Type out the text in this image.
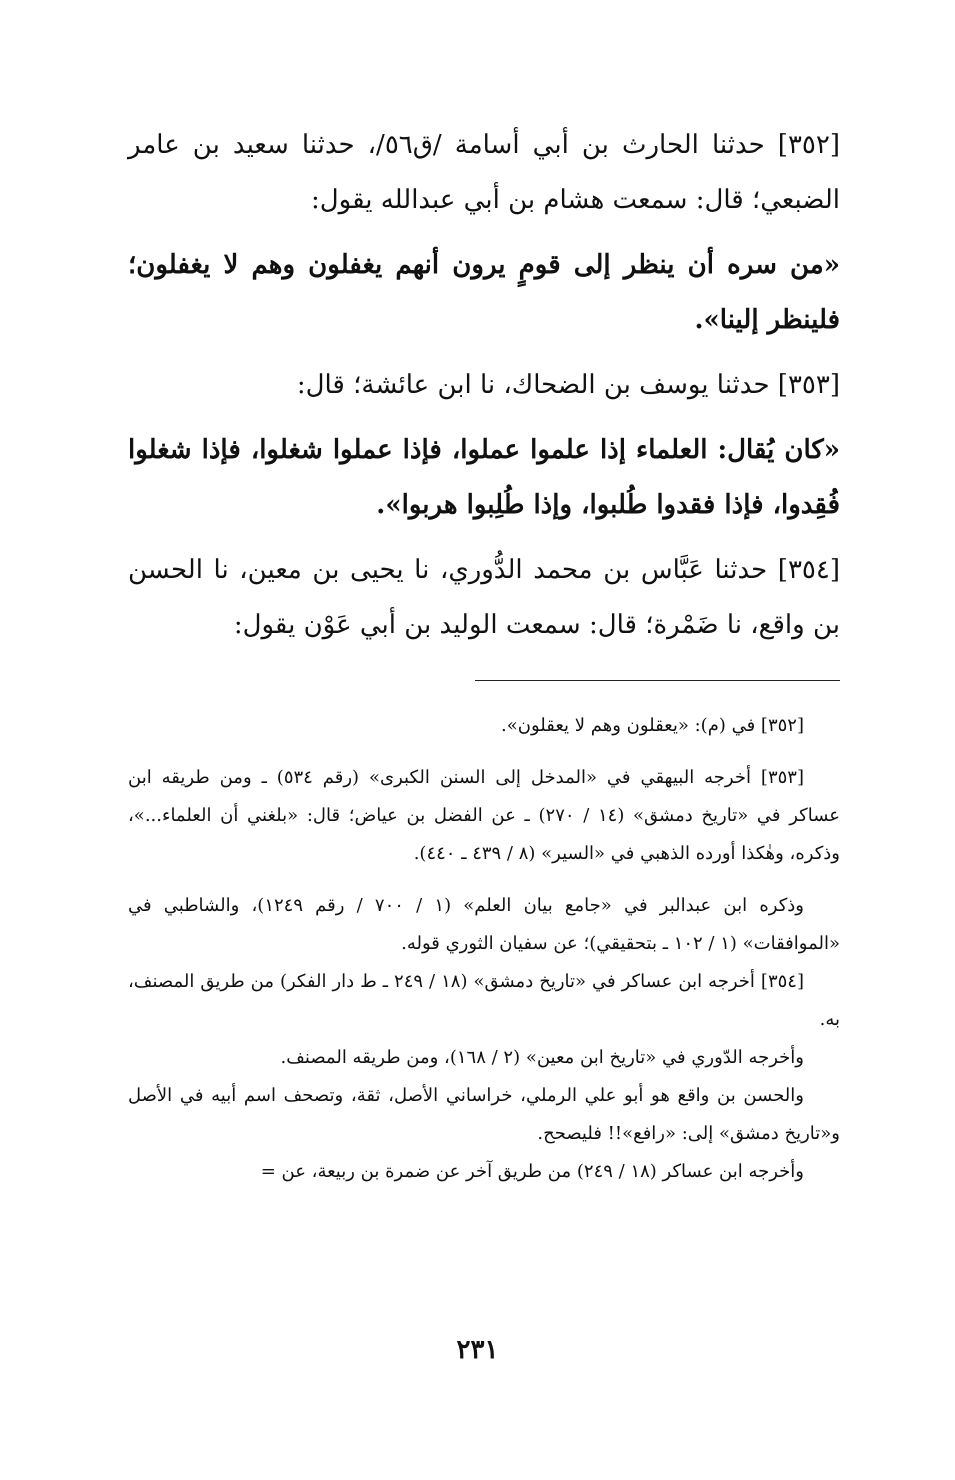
[٣٥٢] حدثنا الحارث بن أبي أسامة /ق٥٦/، حدثنا سعيد بن عامر الضبعي؛ قال: سمعت هشام بن أبي عبدالله يقول:

«من سره أن ينظر إلى قومٍ يرون أنهم يغفلون وهم لا يغفلون؛ فلينظر إلينا».

[٣٥٣] حدثنا يوسف بن الضحاك، نا ابن عائشة؛ قال:

«كان يُقال: العلماء إذا علموا عملوا، فإذا عملوا شغلوا، فإذا شغلوا فُقِدوا، فإذا فقدوا طُلبوا، وإذا طُلِبوا هربوا».

[٣٥٤] حدثنا عَبَّاس بن محمد الدُّوري، نا يحيى بن معين، نا الحسن بن واقع، نا ضَمْرة؛ قال: سمعت الوليد بن أبي عَوْن يقول:

[٣٥٢] في (م): «يعقلون وهم لا يعقلون».

[٣٥٣] أخرجه البيهقي في «المدخل إلى السنن الكبرى» (رقم ٥٣٤) ـ ومن طريقه ابن عساكر في «تاريخ دمشق» (١٤ / ٢٧٠) ـ عن الفضل بن عياض؛ قال: «بلغني أن العلماء...»، وذكره، وهٰكذا أورده الذهبي في «السير» (٨ / ٤٣٩ ـ ٤٤٠).

وذكره ابن عبدالبر في «جامع بيان العلم» (١ / ٧٠٠ / رقم ١٢٤٩)، والشاطبي في «الموافقات» (١ / ١٠٢ ـ بتحقيقي)؛ عن سفيان الثوري قوله.

[٣٥٤] أخرجه ابن عساكر في «تاريخ دمشق» (١٨ / ٢٤٩ ـ ط دار الفكر) من طريق المصنف، به.

وأخرجه الدّوري في «تاريخ ابن معين» (٢ / ١٦٨)، ومن طريقه المصنف.

والحسن بن واقع هو أبو علي الرملي، خراساني الأصل، ثقة، وتصحف اسم أبيه في الأصل و«تاريخ دمشق» إلى: «رافع»!! فليصحح.

وأخرجه ابن عساكر (١٨ / ٢٤٩) من طريق آخر عن ضمرة بن ربيعة، عن =

٢٣١
